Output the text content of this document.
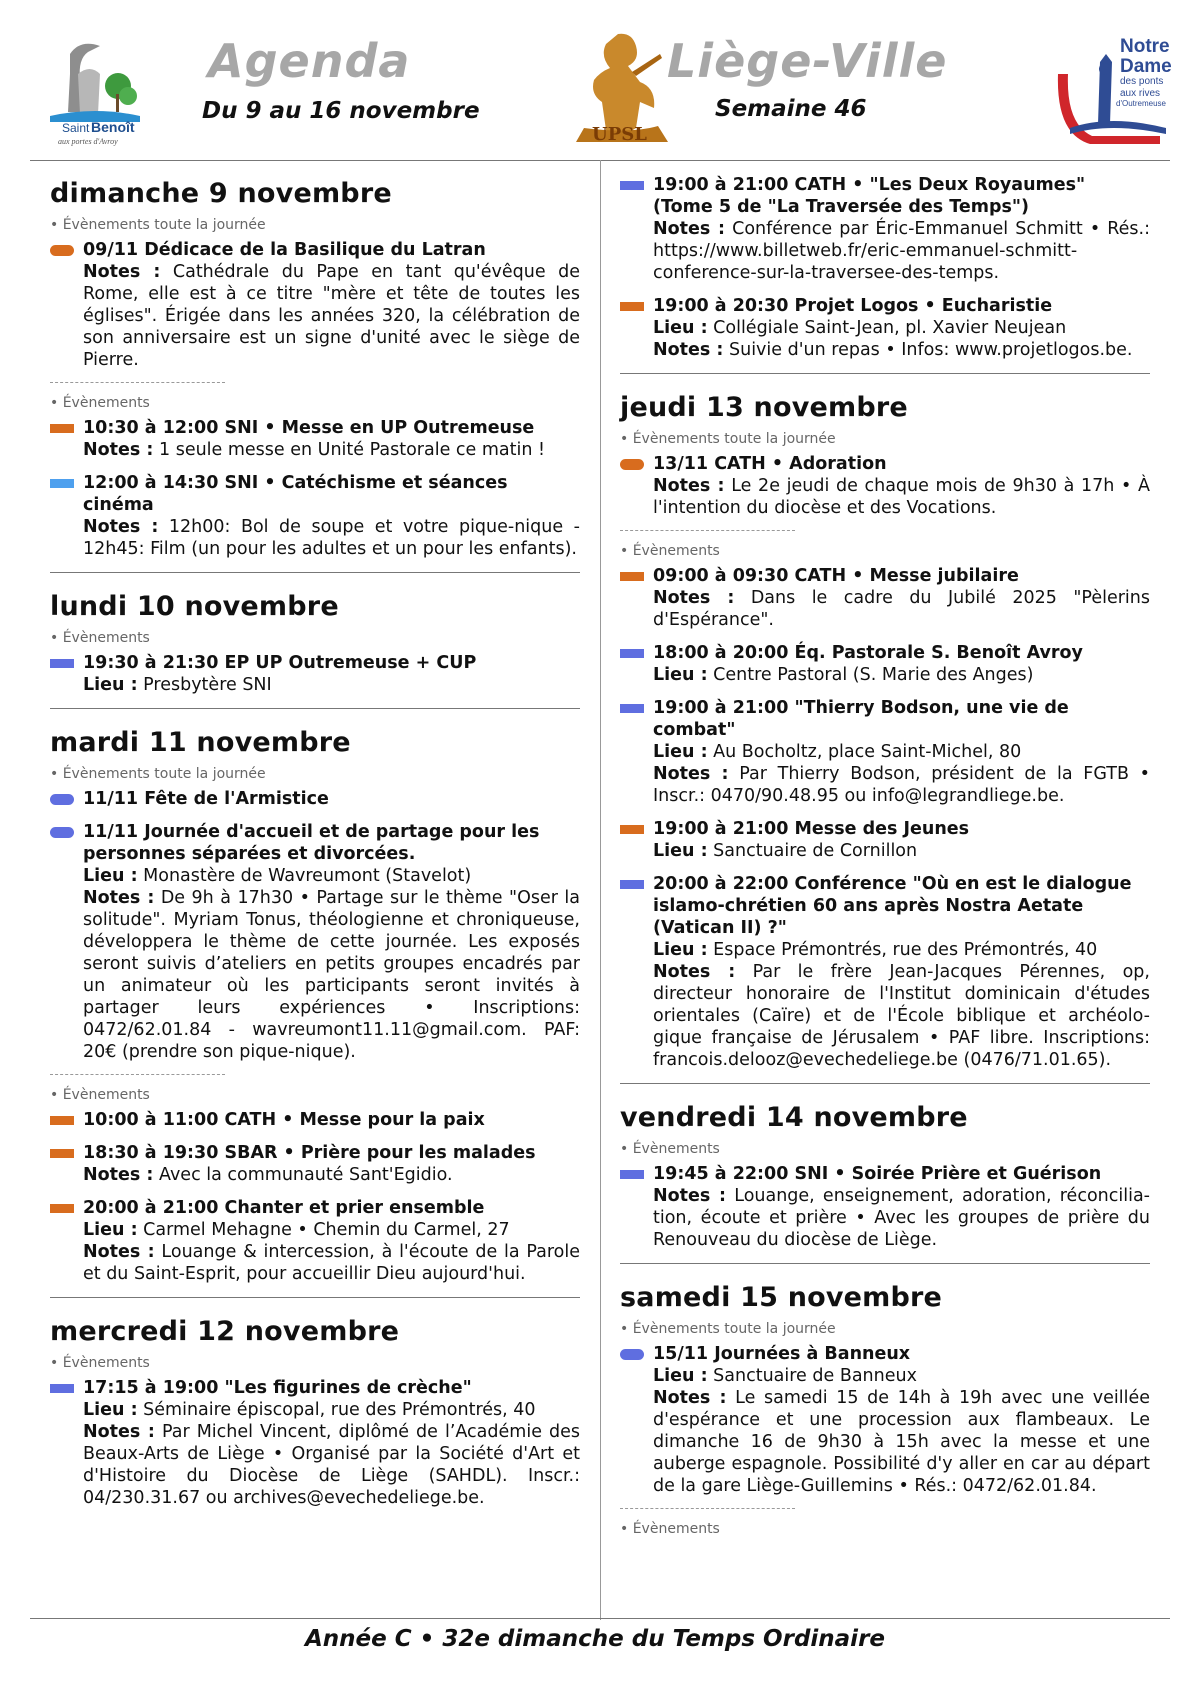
Saint Benoît
aux portes d'Avroy
Agenda
Du 9 au 16 novembre
UPSL
Liège-Ville
Semaine 46
Notre
Dame
des ponts
aux rives
d'Outremeuse
dimanche 9 novembre
• Évènements toute la journée
09/11 Dédicace de la Basilique du Latran
Notes : Cathédrale du Pape en tant qu'évêque de Rome, elle est à ce titre "mère et tête de toutes les églises". Érigée dans les années 320, la célébration de son anniversaire est un signe d'unité avec le siège de Pierre.
• Évènements
10:30 à 12:00 SNI • Messe en UP Outremeuse
Notes : 1 seule messe en Unité Pastorale ce matin !
12:00 à 14:30 SNI • Catéchisme et séances cinéma
Notes : 12h00: Bol de soupe et votre pique-nique - 12h45: Film (un pour les adultes et un pour les enfants).
lundi 10 novembre
• Évènements
19:30 à 21:30 EP UP Outremeuse + CUP
Lieu : Presbytère SNI
mardi 11 novembre
• Évènements toute la journée
11/11 Fête de l'Armistice
11/11 Journée d'accueil et de partage pour les personnes séparées et divorcées.
Lieu : Monastère de Wavreumont (Stavelot)
Notes : De 9h à 17h30 • Partage sur le thème "Oser la solitude". Myriam Tonus, théologienne et chroniqueuse, développera le thème de cette journée. Les exposés seront suivis d’ateliers en petits groupes encadrés par un animateur où les participants seront invités à partager leurs expériences • Inscriptions: 0472/62.01.84 - wavreumont11.11@gmail.com. PAF: 20€ (prendre son pique-nique).
• Évènements
10:00 à 11:00 CATH • Messe pour la paix
18:30 à 19:30 SBAR • Prière pour les malades
Notes : Avec la communauté Sant'Egidio.
20:00 à 21:00 Chanter et prier ensemble
Lieu : Carmel Mehagne • Chemin du Carmel, 27
Notes : Louange & intercession, à l'écoute de la Parole et du Saint-Esprit, pour accueillir Dieu aujourd'hui.
mercredi 12 novembre
• Évènements
17:15 à 19:00 "Les figurines de crèche"
Lieu : Séminaire épiscopal, rue des Prémontrés, 40
Notes : Par Michel Vincent, diplômé de l’Académie des Beaux-Arts de Liège • Organisé par la Société d'Art et d'Histoire du Diocèse de Liège (SAHDL). Inscr.: 04/230.31.67 ou archives@evechedeliege.be.
19:00 à 21:00 CATH • "Les Deux Royaumes" (Tome 5 de "La Traversée des Temps")
Notes : Conférence par Éric-Emmanuel Schmitt • Rés.: https://www.billetweb.fr/eric-emmanuel-schmitt-conference-sur-la-traversee-des-temps.
19:00 à 20:30 Projet Logos • Eucharistie
Lieu : Collégiale Saint-Jean, pl. Xavier Neujean
Notes : Suivie d'un repas • Infos: www.projetlogos.be.
jeudi 13 novembre
• Évènements toute la journée
13/11 CATH • Adoration
Notes : Le 2e jeudi de chaque mois de 9h30 à 17h • À l'intention du diocèse et des Vocations.
• Évènements
09:00 à 09:30 CATH • Messe jubilaire
Notes : Dans le cadre du Jubilé 2025 "Pèlerins d'Espérance".
18:00 à 20:00 Éq. Pastorale S. Benoît Avroy
Lieu : Centre Pastoral (S. Marie des Anges)
19:00 à 21:00 "Thierry Bodson, une vie de combat"
Lieu : Au Bocholtz, place Saint-Michel, 80
Notes : Par Thierry Bodson, président de la FGTB • Inscr.: 0470/90.48.95 ou info@legrandliege.be.
19:00 à 21:00 Messe des Jeunes
Lieu : Sanctuaire de Cornillon
20:00 à 22:00 Conférence "Où en est le dialogue islamo-chrétien 60 ans après Nostra Aetate (Vatican II) ?"
Lieu : Espace Prémontrés, rue des Prémontrés, 40
Notes : Par le frère Jean-Jacques Pérennes, op, directeur honoraire de l'Institut dominicain d'études orientales (Caïre) et de l'École biblique et archéolo-gique française de Jérusalem • PAF libre. Inscriptions: francois.delooz@evechedeliege.be (0476/71.01.65).
vendredi 14 novembre
• Évènements
19:45 à 22:00 SNI • Soirée Prière et Guérison
Notes : Louange, enseignement, adoration, réconcilia-tion, écoute et prière • Avec les groupes de prière du Renouveau du diocèse de Liège.
samedi 15 novembre
• Évènements toute la journée
15/11 Journées à Banneux
Lieu : Sanctuaire de Banneux
Notes : Le samedi 15 de 14h à 19h avec une veillée d'espérance et une procession aux flambeaux. Le dimanche 16 de 9h30 à 15h avec la messe et une auberge espagnole. Possibilité d'y aller en car au départ de la gare Liège-Guillemins • Rés.: 0472/62.01.84.
• Évènements
Année C • 32e dimanche du Temps Ordinaire
